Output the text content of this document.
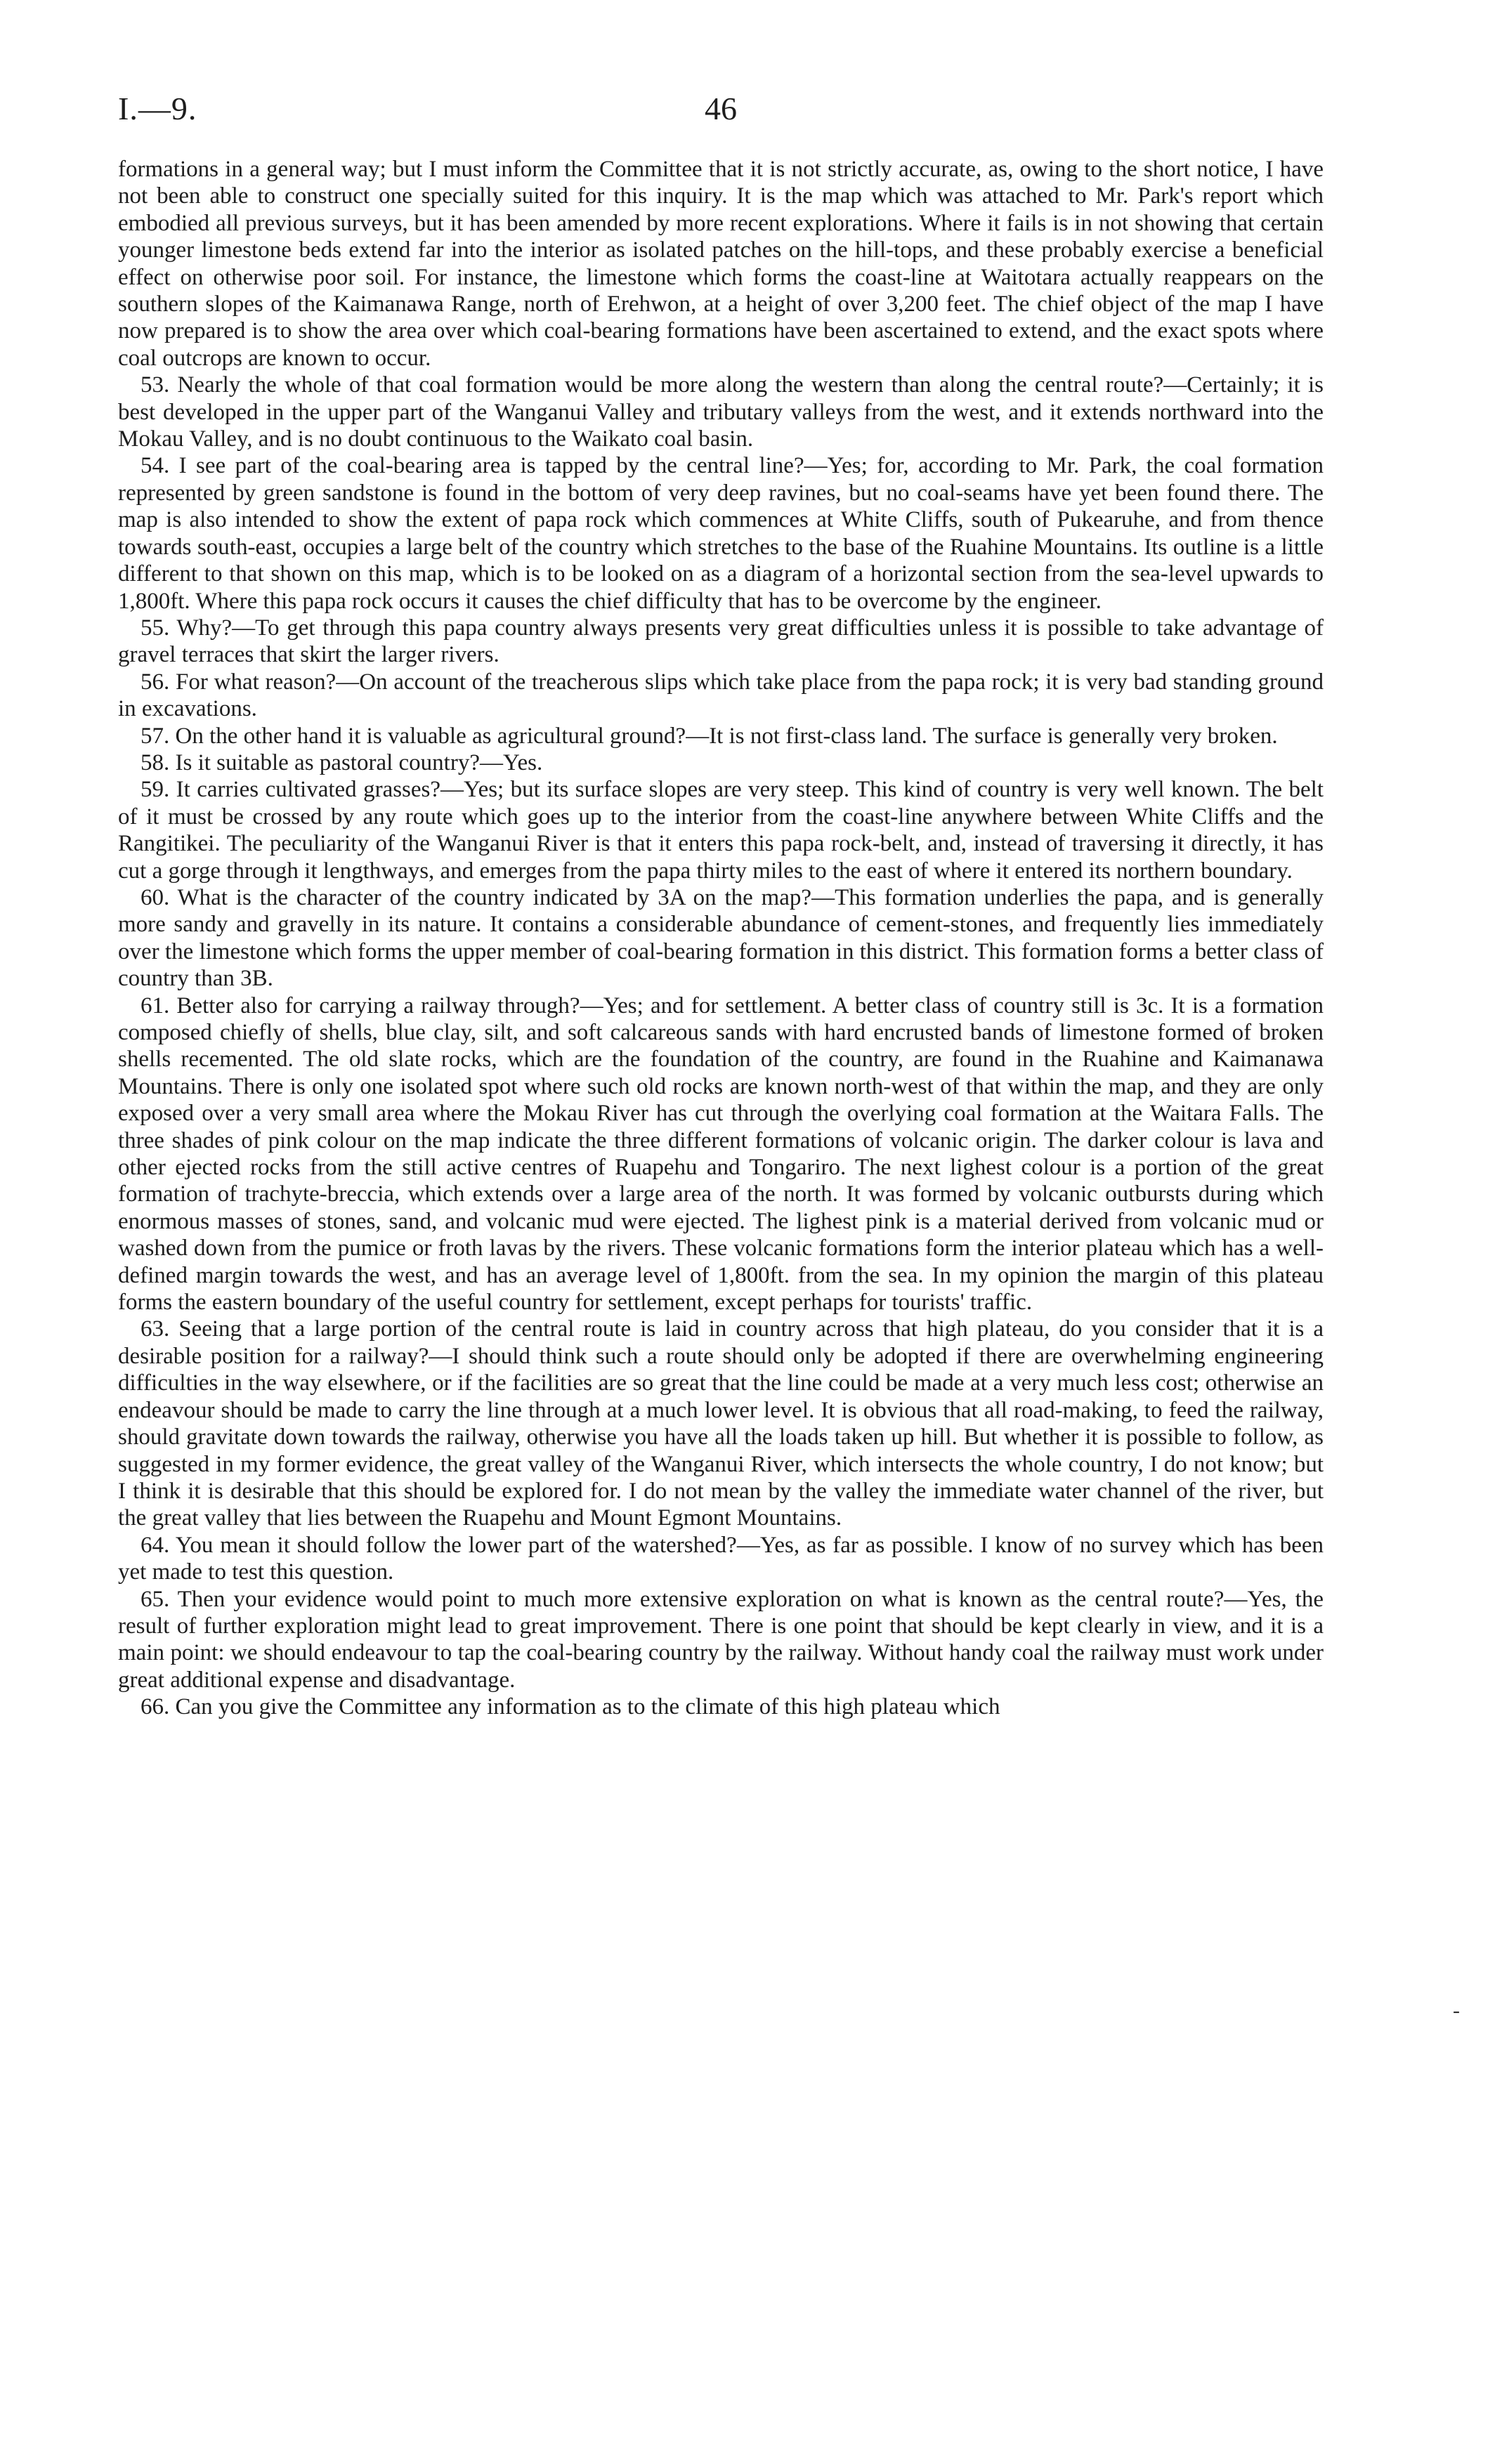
I.—9.	46

formations in a general way; but I must inform the Committee that it is not strictly accurate, as, owing to the short notice, I have not been able to construct one specially suited for this inquiry. It is the map which was attached to Mr. Park's report which embodied all previous surveys, but it has been amended by more recent explorations. Where it fails is in not showing that certain younger limestone beds extend far into the interior as isolated patches on the hill-tops, and these probably exercise a beneficial effect on otherwise poor soil. For instance, the limestone which forms the coast-line at Waitotara actually reappears on the southern slopes of the Kaimanawa Range, north of Erehwon, at a height of over 3,200 feet. The chief object of the map I have now prepared is to show the area over which coal-bearing formations have been ascertained to extend, and the exact spots where coal outcrops are known to occur.

53. Nearly the whole of that coal formation would be more along the western than along the central route?—Certainly; it is best developed in the upper part of the Wanganui Valley and tributary valleys from the west, and it extends northward into the Mokau Valley, and is no doubt continuous to the Waikato coal basin.

54. I see part of the coal-bearing area is tapped by the central line?—Yes; for, according to Mr. Park, the coal formation represented by green sandstone is found in the bottom of very deep ravines, but no coal-seams have yet been found there. The map is also intended to show the extent of papa rock which commences at White Cliffs, south of Pukearuhe, and from thence towards south-east, occupies a large belt of the country which stretches to the base of the Ruahine Mountains. Its outline is a little different to that shown on this map, which is to be looked on as a diagram of a horizontal section from the sea-level upwards to 1,800ft. Where this papa rock occurs it causes the chief difficulty that has to be overcome by the engineer.

55. Why?—To get through this papa country always presents very great difficulties unless it is possible to take advantage of gravel terraces that skirt the larger rivers.

56. For what reason?—On account of the treacherous slips which take place from the papa rock; it is very bad standing ground in excavations.

57. On the other hand it is valuable as agricultural ground?—It is not first-class land. The surface is generally very broken.

58. Is it suitable as pastoral country?—Yes.

59. It carries cultivated grasses?—Yes; but its surface slopes are very steep. This kind of country is very well known. The belt of it must be crossed by any route which goes up to the interior from the coast-line anywhere between White Cliffs and the Rangitikei. The peculiarity of the Wanganui River is that it enters this papa rock-belt, and, instead of traversing it directly, it has cut a gorge through it lengthways, and emerges from the papa thirty miles to the east of where it entered its northern boundary.

60. What is the character of the country indicated by 3A on the map?—This formation underlies the papa, and is generally more sandy and gravelly in its nature. It contains a considerable abundance of cement-stones, and frequently lies immediately over the limestone which forms the upper member of coal-bearing formation in this district. This formation forms a better class of country than 3B.

61. Better also for carrying a railway through?—Yes; and for settlement. A better class of country still is 3c. It is a formation composed chiefly of shells, blue clay, silt, and soft calcareous sands with hard encrusted bands of limestone formed of broken shells recemented. The old slate rocks, which are the foundation of the country, are found in the Ruahine and Kaimanawa Mountains. There is only one isolated spot where such old rocks are known north-west of that within the map, and they are only exposed over a very small area where the Mokau River has cut through the overlying coal formation at the Waitara Falls. The three shades of pink colour on the map indicate the three different formations of volcanic origin. The darker colour is lava and other ejected rocks from the still active centres of Ruapehu and Tongariro. The next lighest colour is a portion of the great formation of trachyte-breccia, which extends over a large area of the north. It was formed by volcanic outbursts during which enormous masses of stones, sand, and volcanic mud were ejected. The lighest pink is a material derived from volcanic mud or washed down from the pumice or froth lavas by the rivers. These volcanic formations form the interior plateau which has a well-defined margin towards the west, and has an average level of 1,800ft. from the sea. In my opinion the margin of this plateau forms the eastern boundary of the useful country for settlement, except perhaps for tourists' traffic.

63. Seeing that a large portion of the central route is laid in country across that high plateau, do you consider that it is a desirable position for a railway?—I should think such a route should only be adopted if there are overwhelming engineering difficulties in the way elsewhere, or if the facilities are so great that the line could be made at a very much less cost; otherwise an endeavour should be made to carry the line through at a much lower level. It is obvious that all road-making, to feed the railway, should gravitate down towards the railway, otherwise you have all the loads taken up hill. But whether it is possible to follow, as suggested in my former evidence, the great valley of the Wanganui River, which intersects the whole country, I do not know; but I think it is desirable that this should be explored for. I do not mean by the valley the immediate water channel of the river, but the great valley that lies between the Ruapehu and Mount Egmont Mountains.

64. You mean it should follow the lower part of the watershed?—Yes, as far as possible. I know of no survey which has been yet made to test this question.

65. Then your evidence would point to much more extensive exploration on what is known as the central route?—Yes, the result of further exploration might lead to great improvement. There is one point that should be kept clearly in view, and it is a main point: we should endeavour to tap the coal-bearing country by the railway. Without handy coal the railway must work under great additional expense and disadvantage.

66. Can you give the Committee any information as to the climate of this high plateau which

‐
